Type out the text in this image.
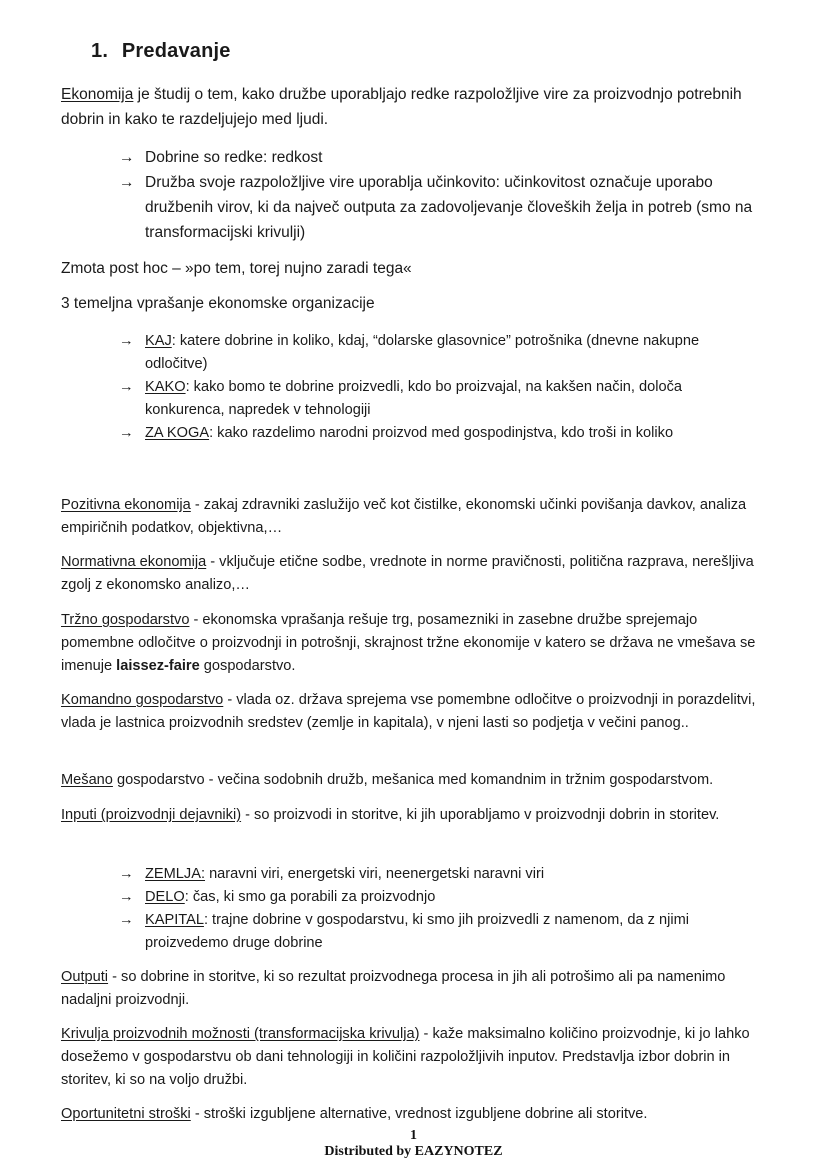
1. Predavanje

Ekonomija je študij o tem, kako družbe uporabljajo redke razpoložljive vire za proizvodnjo potrebnih dobrin in kako te razdeljujejo med ljudi.

→ Dobrine so redke: redkost
→ Družba svoje razpoložljive vire uporablja učinkovito: učinkovitost označuje uporabo družbenih virov, ki da največ outputa za zadovoljevanje človeških želja in potreb (smo na transformacijski krivulji)

Zmota post hoc – »po tem, torej nujno zaradi tega«

3 temeljna vprašanje ekonomske organizacije

→ KAJ: katere dobrine in koliko, kdaj, “dolarske glasovnice” potrošnika (dnevne nakupne odločitve)
→ KAKO: kako bomo te dobrine proizvedli, kdo bo proizvajal, na kakšen način, določa konkurenca, napredek v tehnologiji
→ ZA KOGA: kako razdelimo narodni proizvod med gospodinjstva, kdo troši in koliko

Pozitivna ekonomija - zakaj zdravniki zaslužijo več kot čistilke, ekonomski učinki povišanja davkov, analiza empiričnih podatkov, objektivna,…

Normativna ekonomija - vključuje etične sodbe, vrednote in norme pravičnosti, politična razprava, nerešljiva zgolj z ekonomsko analizo,…

Tržno gospodarstvo - ekonomska vprašanja rešuje trg, posamezniki in zasebne družbe sprejemajo pomembne odločitve o proizvodnji in potrošnji, skrajnost tržne ekonomije v katero se država ne vmešava se imenuje laissez-faire gospodarstvo.

Komandno gospodarstvo - vlada oz. država sprejema vse pomembne odločitve o proizvodnji in porazdelitvi, vlada je lastnica proizvodnih sredstev (zemlje in kapitala), v njeni lasti so podjetja v večini panog..

Mešano gospodarstvo - večina sodobnih družb, mešanica med komandnim in tržnim gospodarstvom.

Inputi (proizvodnji dejavniki) - so proizvodi in storitve, ki jih uporabljamo v proizvodnji dobrin in storitev.

→ ZEMLJA: naravni viri, energetski viri, neenergetski naravni viri
→ DELO: čas, ki smo ga porabili za proizvodnjo
→ KAPITAL: trajne dobrine v gospodarstvu, ki smo jih proizvedli z namenom, da z njimi proizvedemo druge dobrine

Outputi - so dobrine in storitve, ki so rezultat proizvodnega procesa in jih ali potrošimo ali pa namenimo nadaljni proizvodnji.

Krivulja proizvodnih možnosti (transformacijska krivulja) - kaže maksimalno količino proizvodnje, ki jo lahko dosežemo v gospodarstvu ob dani tehnologiji in količini razpoložljivih inputov. Predstavlja izbor dobrin in storitev, ki so na voljo družbi.

Oportunitetni stroški - stroški izgubljene alternative, vrednost izgubljene dobrine ali storitve.

1
Distributed by EAZYNOTEZ
